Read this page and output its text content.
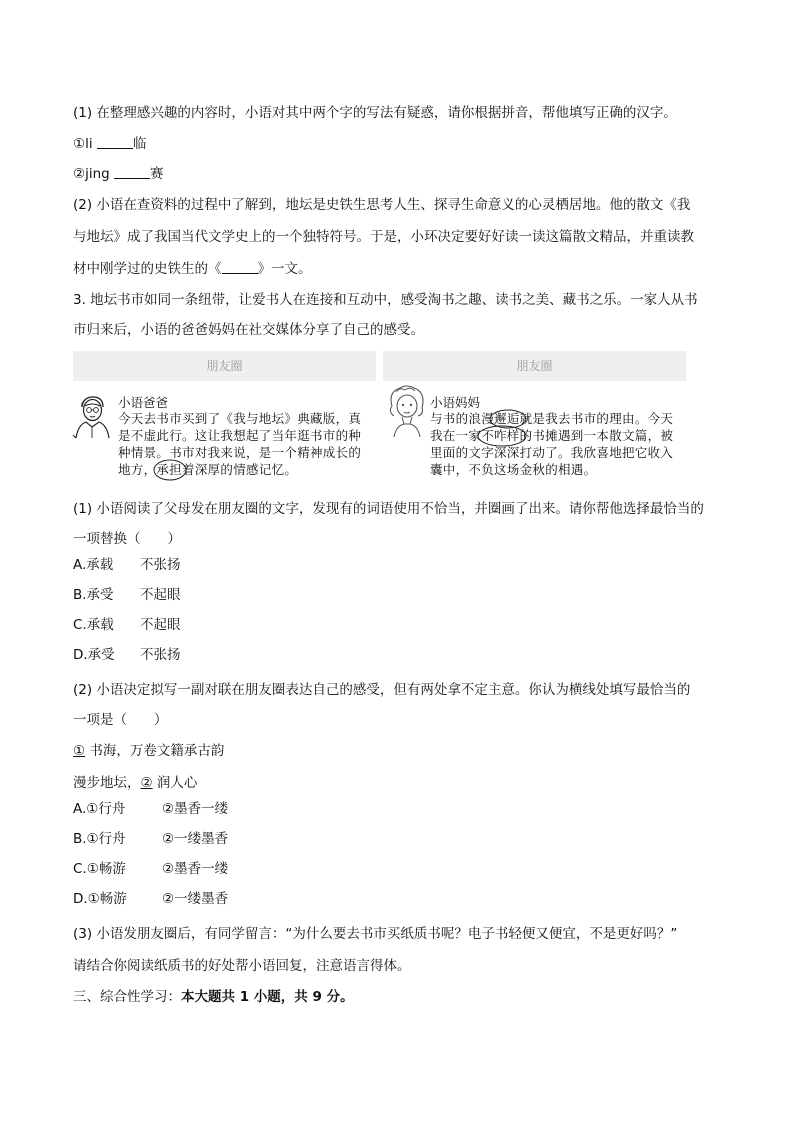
(1) 在整理感兴趣的内容时，小语对其中两个字的写法有疑惑，请你根据拼音，帮他填写正确的汉字。
①li	临
②jing	赛
(2) 小语在查资料的过程中了解到，地坛是史铁生思考人生、探寻生命意义的心灵栖居地。他的散文《我
与地坛》成了我国当代文学史上的一个独特符号。于是，小环决定要好好读一读这篇散文精品，并重读教
材中刚学过的史铁生的《	》一文。
3. 地坛书市如同一条纽带，让爱书人在连接和互动中，感受淘书之趣、读书之美、藏书之乐。一家人从书
市归来后，小语的爸爸妈妈在社交媒体分享了自己的感受。
朋友圈	朋友圈
小语爸爸
今天去书市买到了《我与地坛》典藏版，真
是不虚此行。这让我想起了当年逛书市的种
种情景。书市对我来说，是一个精神成长的
地方，承担
着深厚的情感记忆。
小语妈妈
与书的浪漫邂逅
就是我去书市的理由。今天
我在一家不咋样
的书摊遇到一本散文篇，被
里面的文字深深打动了。我欣喜地把它收入
囊中，不负这场金秋的相遇。
(1) 小语阅读了父母发在朋友圈的文字，发现有的词语使用不恰当，并圈画了出来。请你帮他选择最恰当的
一项替换（　　）
A.承载 不张扬
B.承受 不起眼
C.承载 不起眼
D.承受 不张扬
(2) 小语决定拟写一副对联在朋友圈表达自己的感受，但有两处拿不定主意。你认为横线处填写最恰当的
一项是（　　）
① 书海，万卷文籍承古韵
漫步地坛，② 润人心
A.①行舟	②墨香一缕
B.①行舟	②一缕墨香
C.①畅游	②墨香一缕
D.①畅游	②一缕墨香
(3) 小语发朋友圈后，有同学留言：“为什么要去书市买纸质书呢？电子书轻便又便宜，不是更好吗？”
请结合你阅读纸质书的好处帮小语回复，注意语言得体。
三、综合性学习：本大题共 1 小题，共 9 分。
